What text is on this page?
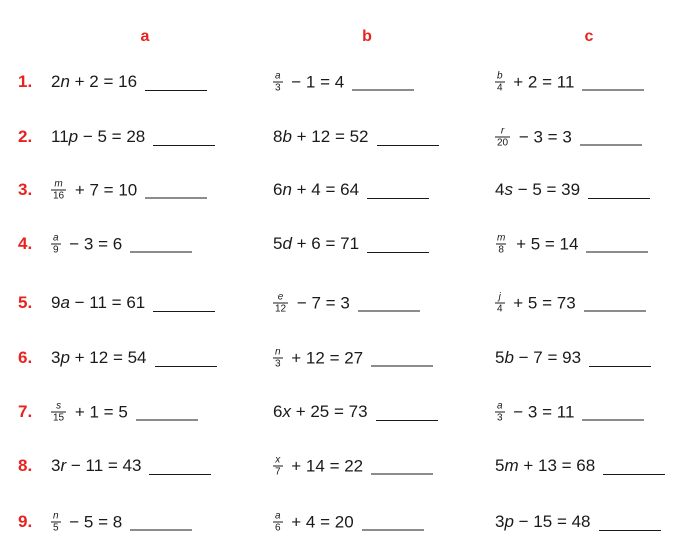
a	b	c
1. 2 n + 2 = 16	$\frac{a}{3} - 1 = 4$	$\frac{b}{4} + 2 = 11$
2. 11 p − 5 = 28	8 b + 12 = 52	$\frac{r}{20} - 3 = 3$
3. $\frac{m}{16} + 7 = 10$	6 n + 4 = 64	4 s − 5 = 39
4. $\frac{a}{9} - 3 = 6$	5 d + 6 = 71	$\frac{m}{8} + 5 = 14$
5. 9 a − 11 = 61	$\frac{e}{12} - 7 = 3$	$\frac{j}{4} + 5 = 73$
6. 3 p + 12 = 54	$\frac{n}{3} + 12 = 27$	5 b − 7 = 93
7. $\frac{s}{15} + 1 = 5$	6 x + 25 = 73	$\frac{a}{3} - 3 = 11$
8. 3 r − 11 = 43	$\frac{x}{7} + 14 = 22$	5 m + 13 = 68
9. $\frac{n}{5} - 5 = 8$	$\frac{a}{6} + 4 = 20$	3 p − 15 = 48
